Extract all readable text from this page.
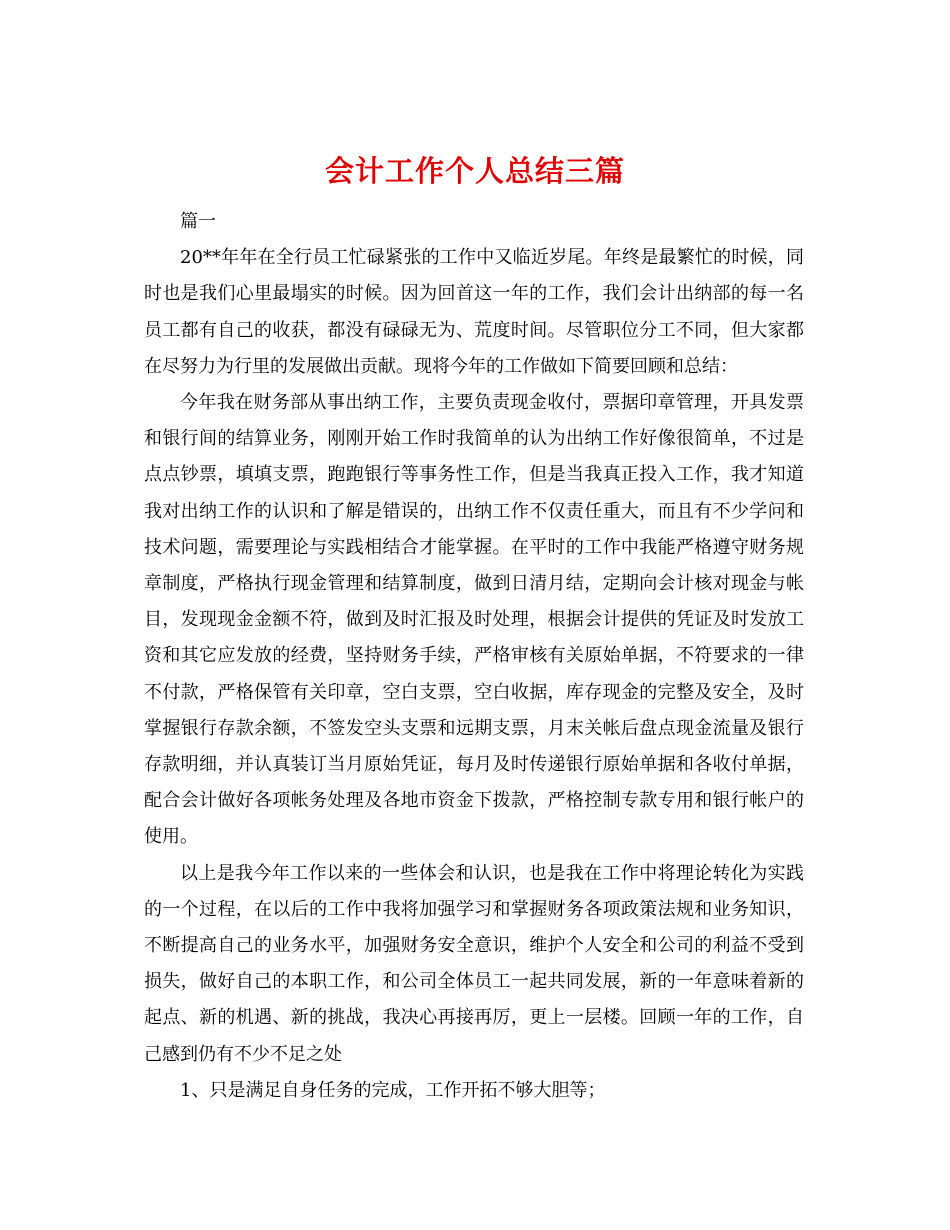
会计工作个人总结三篇

篇一

20**年年在全行员工忙碌紧张的工作中又临近岁尾。年终是最繁忙的时候，同时也是我们心里最塌实的时候。因为回首这一年的工作，我们会计出纳部的每一名员工都有自己的收获，都没有碌碌无为、荒度时间。尽管职位分工不同，但大家都在尽努力为行里的发展做出贡献。现将今年的工作做如下简要回顾和总结：

今年我在财务部从事出纳工作，主要负责现金收付，票据印章管理，开具发票和银行间的结算业务，刚刚开始工作时我简单的认为出纳工作好像很简单，不过是点点钞票，填填支票，跑跑银行等事务性工作，但是当我真正投入工作，我才知道我对出纳工作的认识和了解是错误的，出纳工作不仅责任重大，而且有不少学问和技术问题，需要理论与实践相结合才能掌握。在平时的工作中我能严格遵守财务规章制度，严格执行现金管理和结算制度，做到日清月结，定期向会计核对现金与帐目，发现现金金额不符，做到及时汇报及时处理，根据会计提供的凭证及时发放工资和其它应发放的经费，坚持财务手续，严格审核有关原始单据，不符要求的一律不付款，严格保管有关印章，空白支票，空白收据，库存现金的完整及安全，及时掌握银行存款余额，不签发空头支票和远期支票，月末关帐后盘点现金流量及银行存款明细，并认真装订当月原始凭证，每月及时传递银行原始单据和各收付单据，配合会计做好各项帐务处理及各地市资金下拨款，严格控制专款专用和银行帐户的使用。

以上是我今年工作以来的一些体会和认识，也是我在工作中将理论转化为实践的一个过程，在以后的工作中我将加强学习和掌握财务各项政策法规和业务知识，不断提高自己的业务水平，加强财务安全意识，维护个人安全和公司的利益不受到损失，做好自己的本职工作，和公司全体员工一起共同发展，新的一年意味着新的起点、新的机遇、新的挑战，我决心再接再厉，更上一层楼。回顾一年的工作，自己感到仍有不少不足之处

1、只是满足自身任务的完成，工作开拓不够大胆等；
